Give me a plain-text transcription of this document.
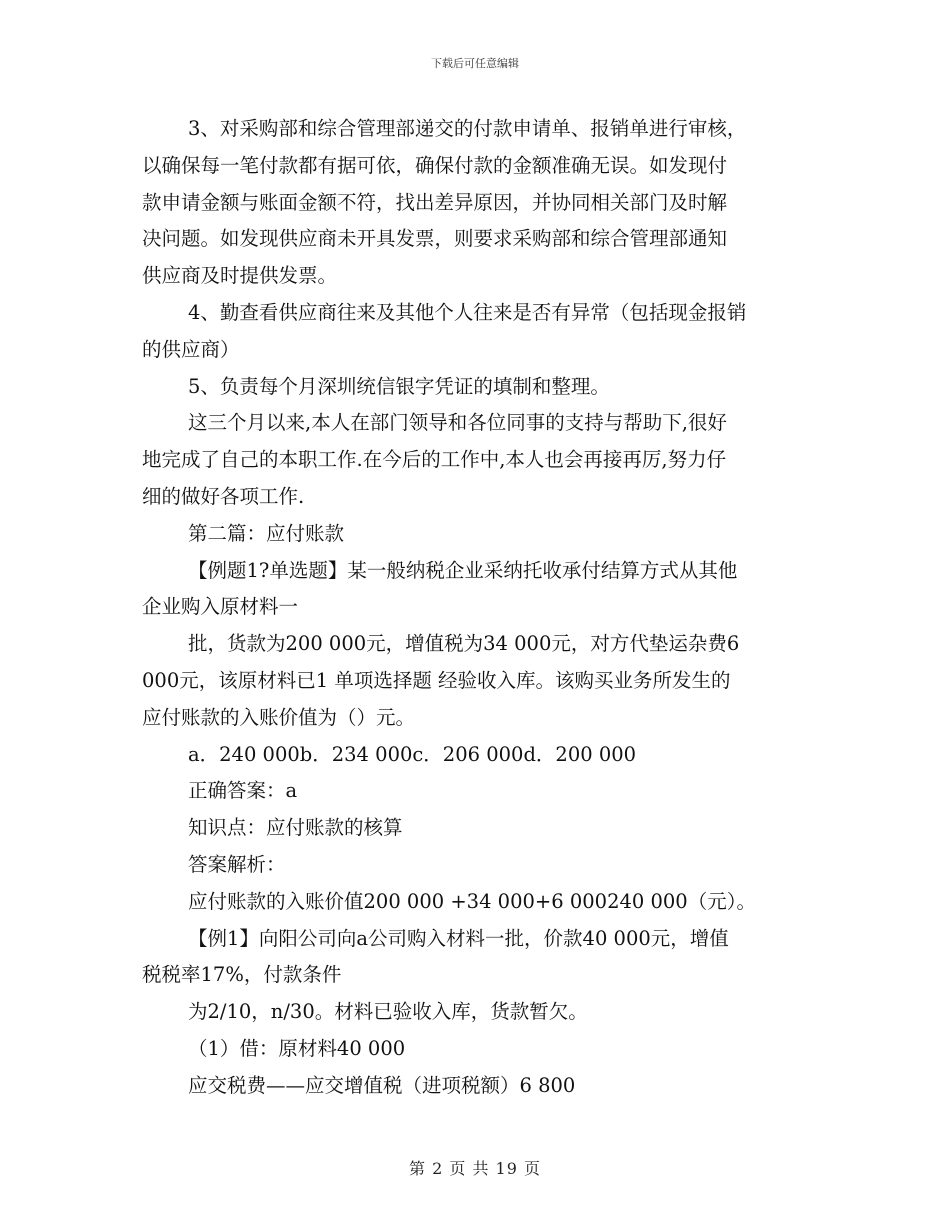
下载后可任意编辑
3、对采购部和综合管理部递交的付款申请单、报销单进行审核，
以确保每一笔付款都有据可依，确保付款的金额准确无误。如发现付
款申请金额与账面金额不符，找出差异原因，并协同相关部门及时解
决问题。如发现供应商未开具发票，则要求采购部和综合管理部通知
供应商及时提供发票。
4、勤查看供应商往来及其他个人往来是否有异常（包括现金报销
的供应商）
5、负责每个月深圳统信银字凭证的填制和整理。
这三个月以来,本人在部门领导和各位同事的支持与帮助下,很好
地完成了自己的本职工作.在今后的工作中,本人也会再接再厉,努力仔
细的做好各项工作.
第二篇：应付账款
【例题1?单选题】某一般纳税企业采纳托收承付结算方式从其他
企业购入原材料一
批，货款为200 000元，增值税为34 000元，对方代垫运杂费6
000元，该原材料已1 单项选择题 经验收入库。该购买业务所发生的
应付账款的入账价值为（）元。
a．240 000b．234 000c．206 000d．200 000
正确答案：a
知识点：应付账款的核算
答案解析：
应付账款的入账价值200 000 +34 000+6 000240 000（元）。
【例1】向阳公司向a公司购入材料一批，价款40 000元，增值
税税率17%，付款条件
为2/10，n/30。材料已验收入库，货款暂欠。
（1）借：原材料40 000
应交税费——应交增值税（进项税额）6 800
第 2 页 共 19 页
